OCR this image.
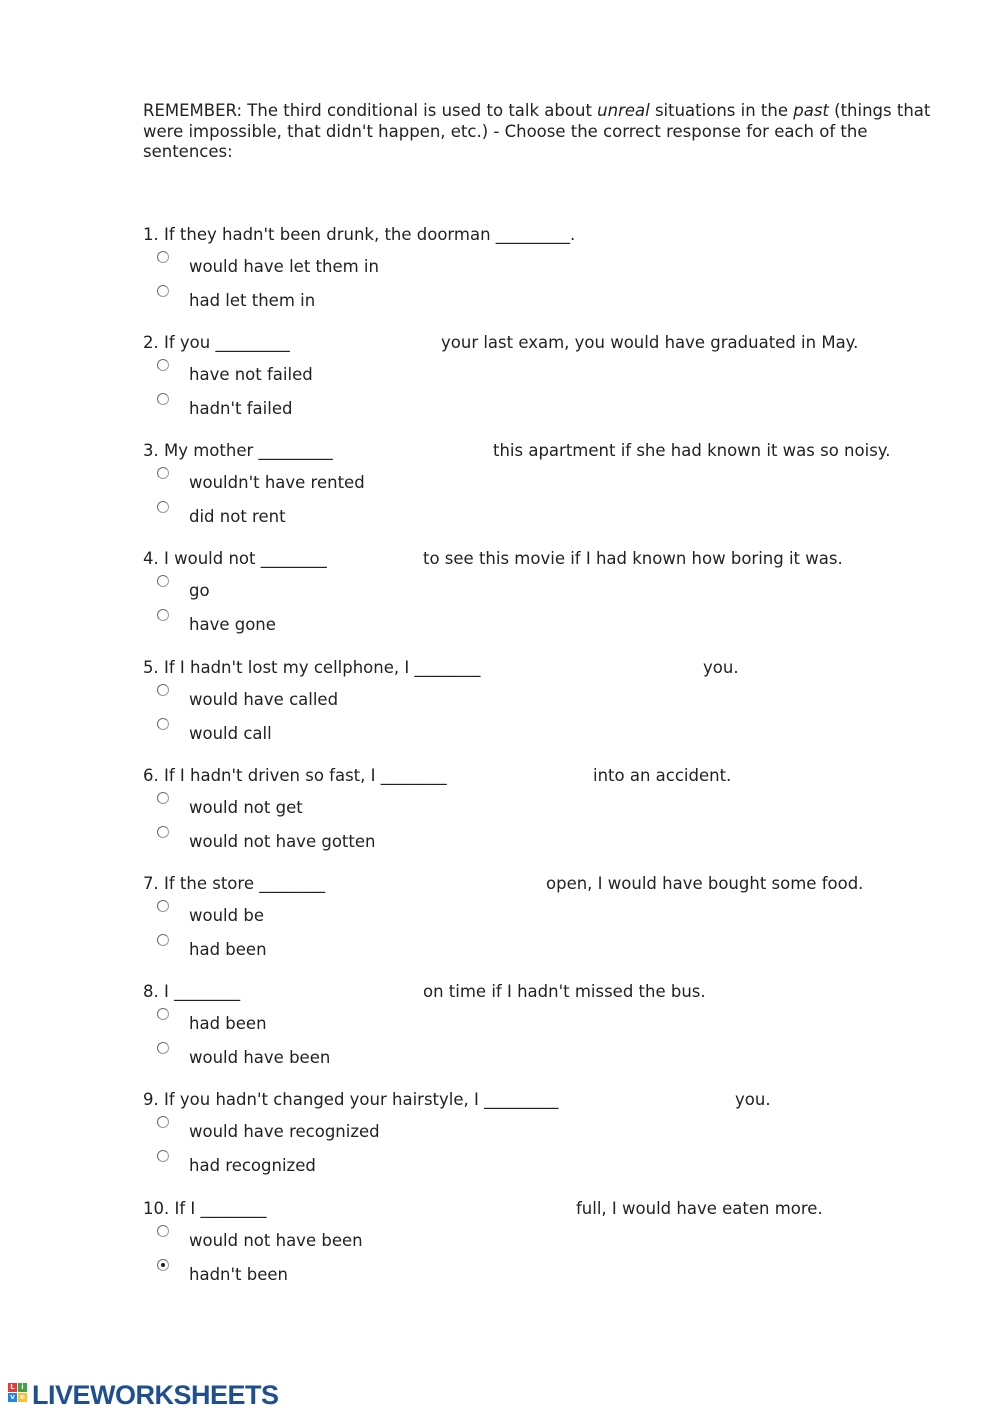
REMEMBER: The third conditional is used to talk about unreal situations in the past (things that were impossible, that didn't happen, etc.) - Choose the correct response for each of the sentences:
1. If they hadn't been drunk, the doorman _________.
would have let them in
had let them in
2. If you _________	your last exam, you would have graduated in May.
have not failed
hadn't failed
3. My mother _________	this apartment if she had known it was so noisy.
wouldn't have rented
did not rent
4. I would not ________	to see this movie if I had known how boring it was.
go
have gone
5. If I hadn't lost my cellphone, I ________	you.
would have called
would call
6. If I hadn't driven so fast, I ________	into an accident.
would not get
would not have gotten
7. If the store ________	open, I would have bought some food.
would be
had been
8. I ________	on time if I hadn't missed the bus.
had been
would have been
9. If you hadn't changed your hairstyle, I _________	you.
would have recognized
had recognized
10. If I ________	full, I would have eaten more.
would not have been
hadn't been
L i
v e LIVEWORKSHEETS
